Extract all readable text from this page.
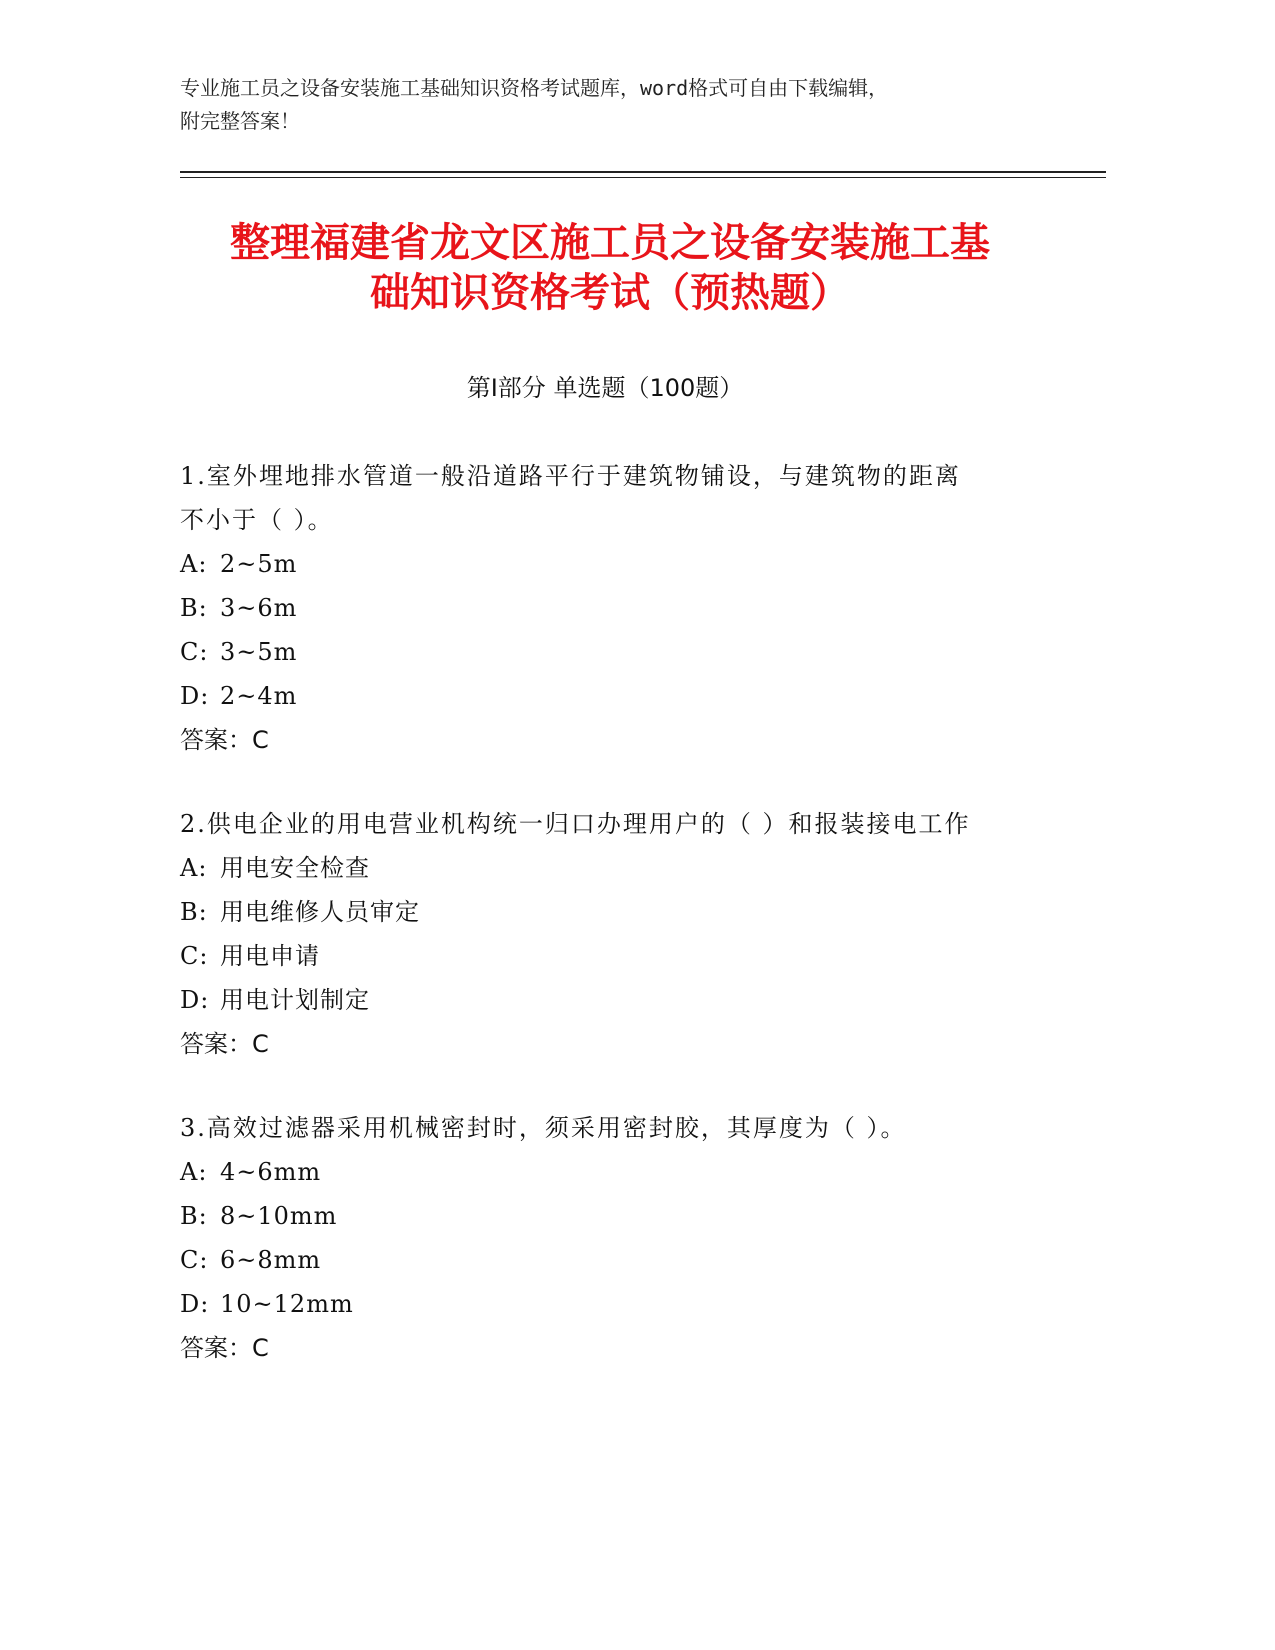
专业施工员之设备安装施工基础知识资格考试题库，word格式可自由下载编辑，
附完整答案！
整理福建省龙文区施工员之设备安装施工基
础知识资格考试（预热题）
第Ⅰ部分 单选题（100题）
1.室外埋地排水管道一般沿道路平行于建筑物铺设，与建筑物的距离
不小于（ ）。
A: 2~5m
B: 3~6m
C: 3~5m
D: 2~4m
答案：C
2.供电企业的用电营业机构统一归口办理用户的（ ）和报装接电工作
A: 用电安全检查
B: 用电维修人员审定
C: 用电申请
D: 用电计划制定
答案：C
3.高效过滤器采用机械密封时，须采用密封胶，其厚度为（ ）。
A: 4~6mm
B: 8~10mm
C: 6~8mm
D: 10~12mm
答案：C
